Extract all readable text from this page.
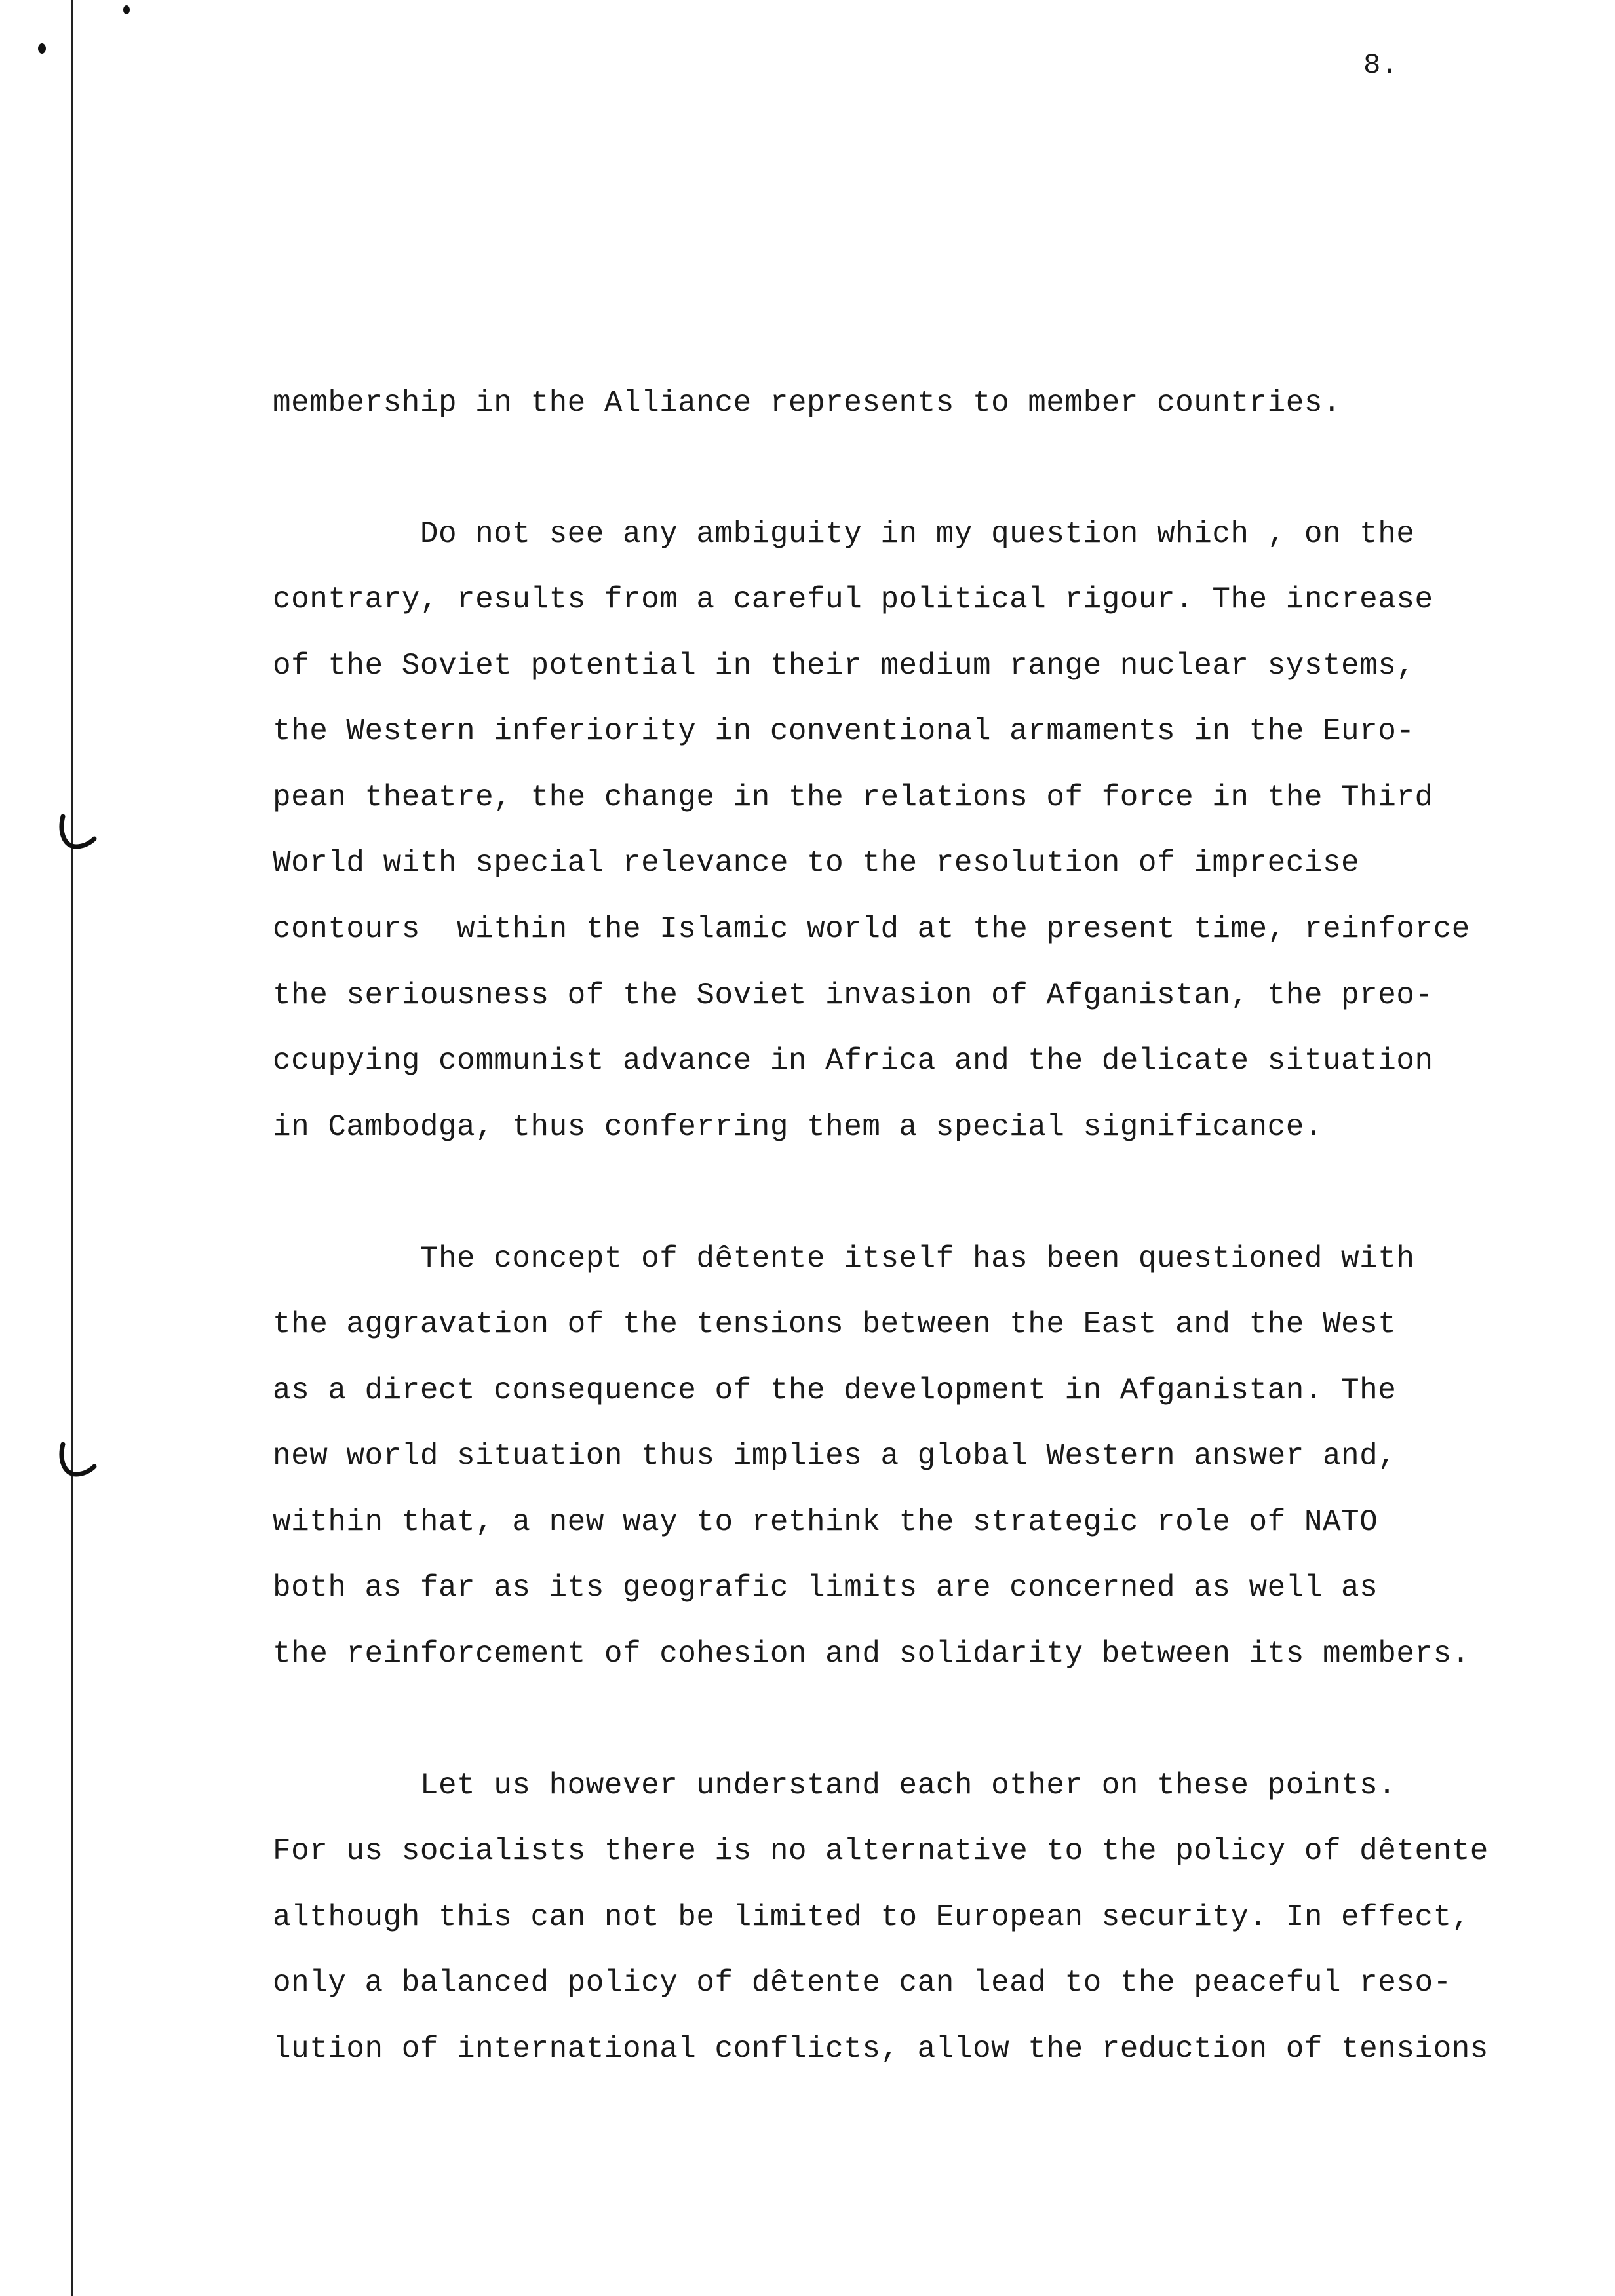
8.
membership in the Alliance represents to member countries.
Do not see any ambiguity in my question which , on the
contrary, results from a careful political rigour. The increase
of the Soviet potential in their medium range nuclear systems,
the Western inferiority in conventional armaments in the Euro-
pean theatre, the change in the relations of force in the Third
World with special relevance to the resolution of imprecise
contours  within the Islamic world at the present time, reinforce
the seriousness of the Soviet invasion of Afganistan, the preo-
ccupying communist advance in Africa and the delicate situation
in Cambodga, thus conferring them a special significance.
The concept of dêtente itself has been questioned with
the aggravation of the tensions between the East and the West
as a direct consequence of the development in Afganistan. The
new world situation thus implies a global Western answer and,
within that, a new way to rethink the strategic role of NATO
both as far as its geografic limits are concerned as well as
the reinforcement of cohesion and solidarity between its members.
Let us however understand each other on these points.
For us socialists there is no alternative to the policy of dêtente
although this can not be limited to European security. In effect,
only a balanced policy of dêtente can lead to the peaceful reso-
lution of international conflicts, allow the reduction of tensions
